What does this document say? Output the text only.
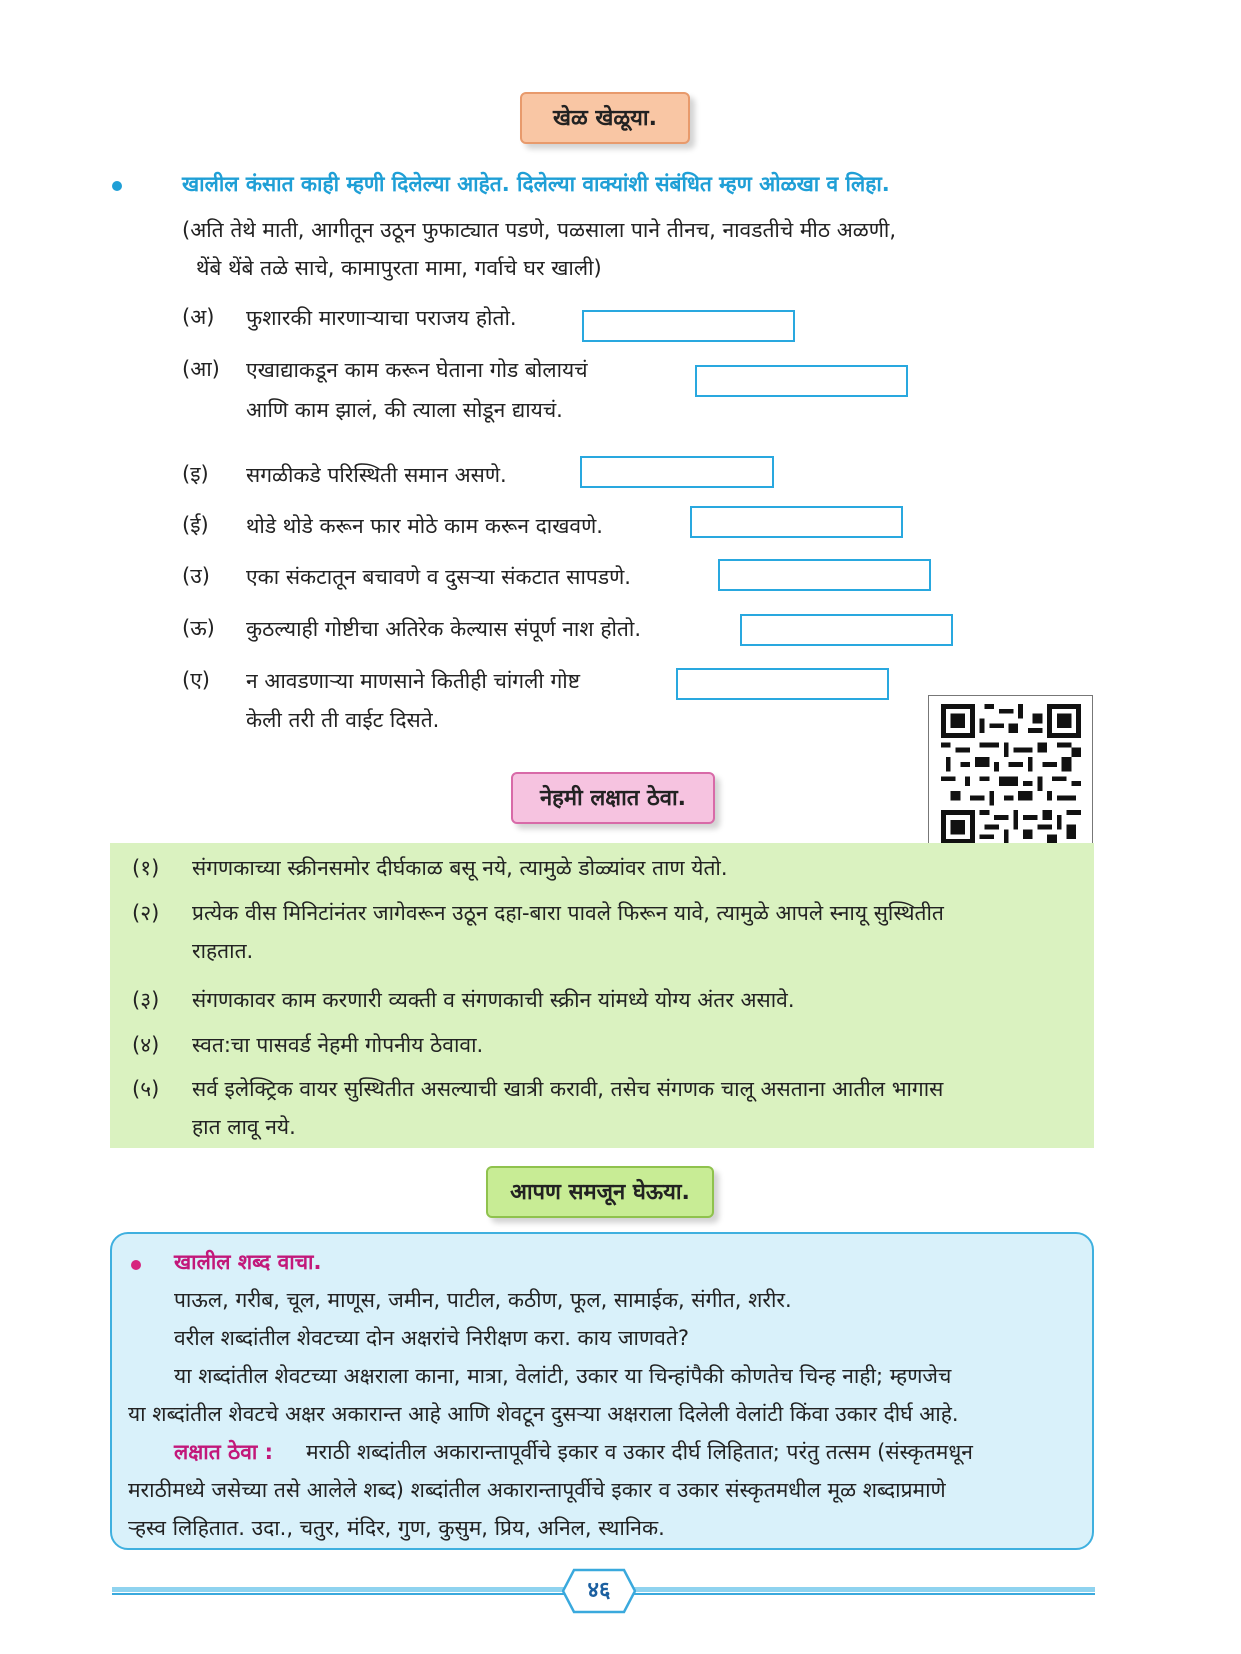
खेळ खेळूया.
खालील कंसात काही म्हणी दिलेल्या आहेत. दिलेल्या वाक्यांशी संबंधित म्हण ओळखा व लिहा.
(अति तेथे माती, आगीतून उठून फुफाट्यात पडणे, पळसाला पाने तीनच, नावडतीचे मीठ अळणी,
थेंबे थेंबे तळे साचे, कामापुरता मामा, गर्वाचे घर खाली)
(अ) फुशारकी मारणाऱ्याचा पराजय होतो.
(आ) एखाद्याकडून काम करून घेताना गोड बोलायचं
आणि काम झालं, की त्याला सोडून द्यायचं.
(इ) सगळीकडे परिस्थिती समान असणे.
(ई) थोडे थोडे करून फार मोठे काम करून दाखवणे.
(उ) एका संकटातून बचावणे व दुसऱ्या संकटात सापडणे.
(ऊ) कुठल्याही गोष्टीचा अतिरेक केल्यास संपूर्ण नाश होतो.
(ए) न आवडणाऱ्या माणसाने कितीही चांगली गोष्ट
केली तरी ती वाईट दिसते.
नेहमी लक्षात ठेवा.
(१) संगणकाच्या स्क्रीनसमोर दीर्घकाळ बसू नये, त्यामुळे डोळ्यांवर ताण येतो.
(२) प्रत्येक वीस मिनिटांनंतर जागेवरून उठून दहा-बारा पावले फिरून यावे, त्यामुळे आपले स्नायू सुस्थितीत
राहतात.
(३) संगणकावर काम करणारी व्यक्ती व संगणकाची स्क्रीन यांमध्ये योग्य अंतर असावे.
(४) स्वत:चा पासवर्ड नेहमी गोपनीय ठेवावा.
(५) सर्व इलेक्ट्रिक वायर सुस्थितीत असल्याची खात्री करावी, तसेच संगणक चालू असताना आतील भागास
हात लावू नये.
आपण समजून घेऊया.
खालील शब्द वाचा.
पाऊल, गरीब, चूल, माणूस, जमीन, पाटील, कठीण, फूल, सामाईक, संगीत, शरीर.
वरील शब्दांतील शेवटच्या दोन अक्षरांचे निरीक्षण करा. काय जाणवते?
या शब्दांतील शेवटच्या अक्षराला काना, मात्रा, वेलांटी, उकार या चिन्हांपैकी कोणतेच चिन्ह नाही; म्हणजेच
या शब्दांतील शेवटचे अक्षर अकारान्त आहे आणि शेवटून दुसऱ्या अक्षराला दिलेली वेलांटी किंवा उकार दीर्घ आहे.
लक्षात ठेवा : मराठी शब्दांतील अकारान्तापूर्वीचे इकार व उकार दीर्घ लिहितात; परंतु तत्सम (संस्कृतमधून
मराठीमध्ये जसेच्या तसे आलेले शब्द) शब्दांतील अकारान्तापूर्वीचे इकार व उकार संस्कृतमधील मूळ शब्दाप्रमाणे
ऱ्हस्व लिहितात. उदा., चतुर, मंदिर, गुण, कुसुम, प्रिय, अनिल, स्थानिक.
४६
